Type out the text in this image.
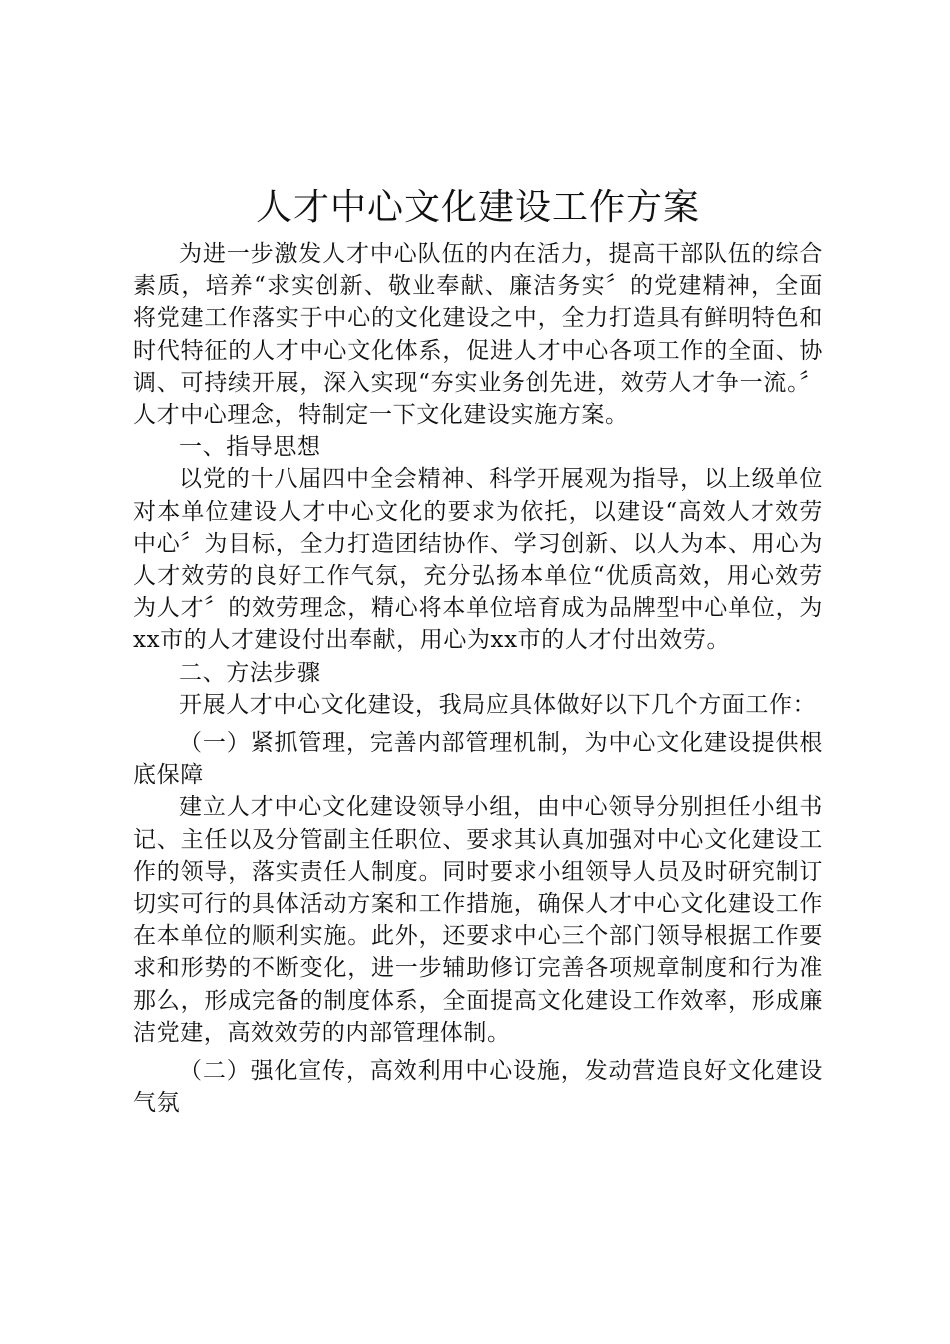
人才中心文化建设工作方案

为进一步激发人才中心队伍的内在活力，提高干部队伍的综合素质，培养“求实创新、敬业奉献、廉洁务实〞的党建精神，全面将党建工作落实于中心的文化建设之中，全力打造具有鲜明特色和时代特征的人才中心文化体系，促进人才中心各项工作的全面、协调、可持续开展，深入实现“夯实业务创先进，效劳人才争一流。〞人才中心理念，特制定一下文化建设实施方案。

一、指导思想

以党的十八届四中全会精神、科学开展观为指导，以上级单位对本单位建设人才中心文化的要求为依托，以建设“高效人才效劳中心〞为目标，全力打造团结协作、学习创新、以人为本、用心为人才效劳的良好工作气氛，充分弘扬本单位“优质高效，用心效劳为人才〞的效劳理念，精心将本单位培育成为品牌型中心单位，为xx市的人才建设付出奉献，用心为xx市的人才付出效劳。

二、方法步骤

开展人才中心文化建设，我局应具体做好以下几个方面工作：

（一）紧抓管理，完善内部管理机制，为中心文化建设提供根底保障

建立人才中心文化建设领导小组，由中心领导分别担任小组书记、主任以及分管副主任职位、要求其认真加强对中心文化建设工作的领导，落实责任人制度。同时要求小组领导人员及时研究制订切实可行的具体活动方案和工作措施，确保人才中心文化建设工作在本单位的顺利实施。此外，还要求中心三个部门领导根据工作要求和形势的不断变化，进一步辅助修订完善各项规章制度和行为准那么，形成完备的制度体系，全面提高文化建设工作效率，形成廉洁党建，高效效劳的内部管理体制。

（二）强化宣传，高效利用中心设施，发动营造良好文化建设气氛
